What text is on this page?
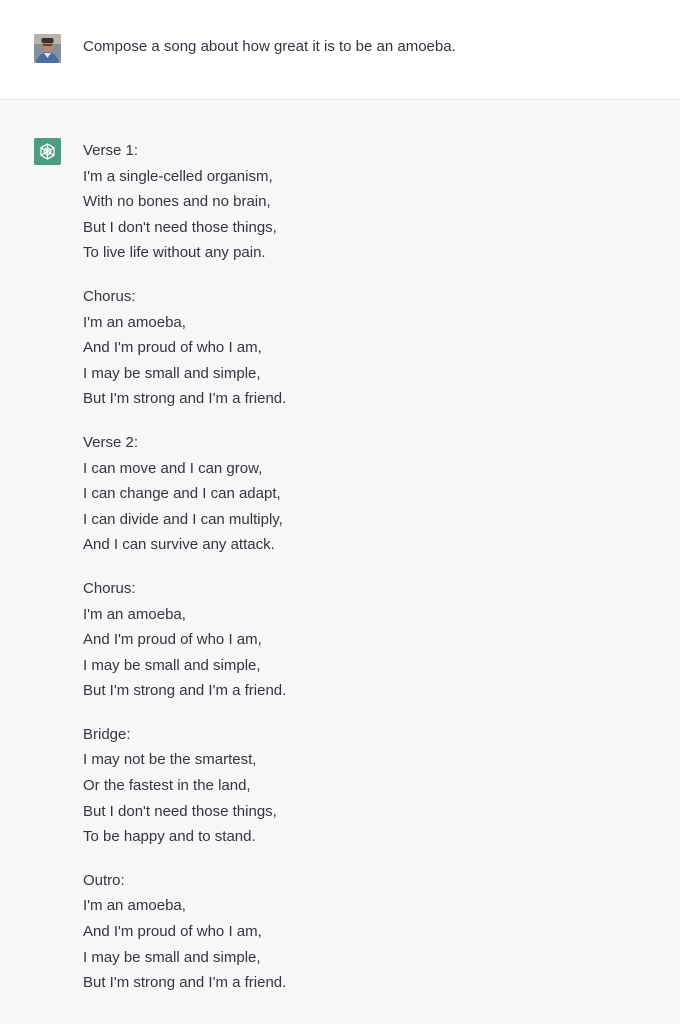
Compose a song about how great it is to be an amoeba.
Verse 1:
I'm a single-celled organism,
With no bones and no brain,
But I don't need those things,
To live life without any pain.
Chorus:
I'm an amoeba,
And I'm proud of who I am,
I may be small and simple,
But I'm strong and I'm a friend.
Verse 2:
I can move and I can grow,
I can change and I can adapt,
I can divide and I can multiply,
And I can survive any attack.
Chorus:
I'm an amoeba,
And I'm proud of who I am,
I may be small and simple,
But I'm strong and I'm a friend.
Bridge:
I may not be the smartest,
Or the fastest in the land,
But I don't need those things,
To be happy and to stand.
Outro:
I'm an amoeba,
And I'm proud of who I am,
I may be small and simple,
But I'm strong and I'm a friend.
